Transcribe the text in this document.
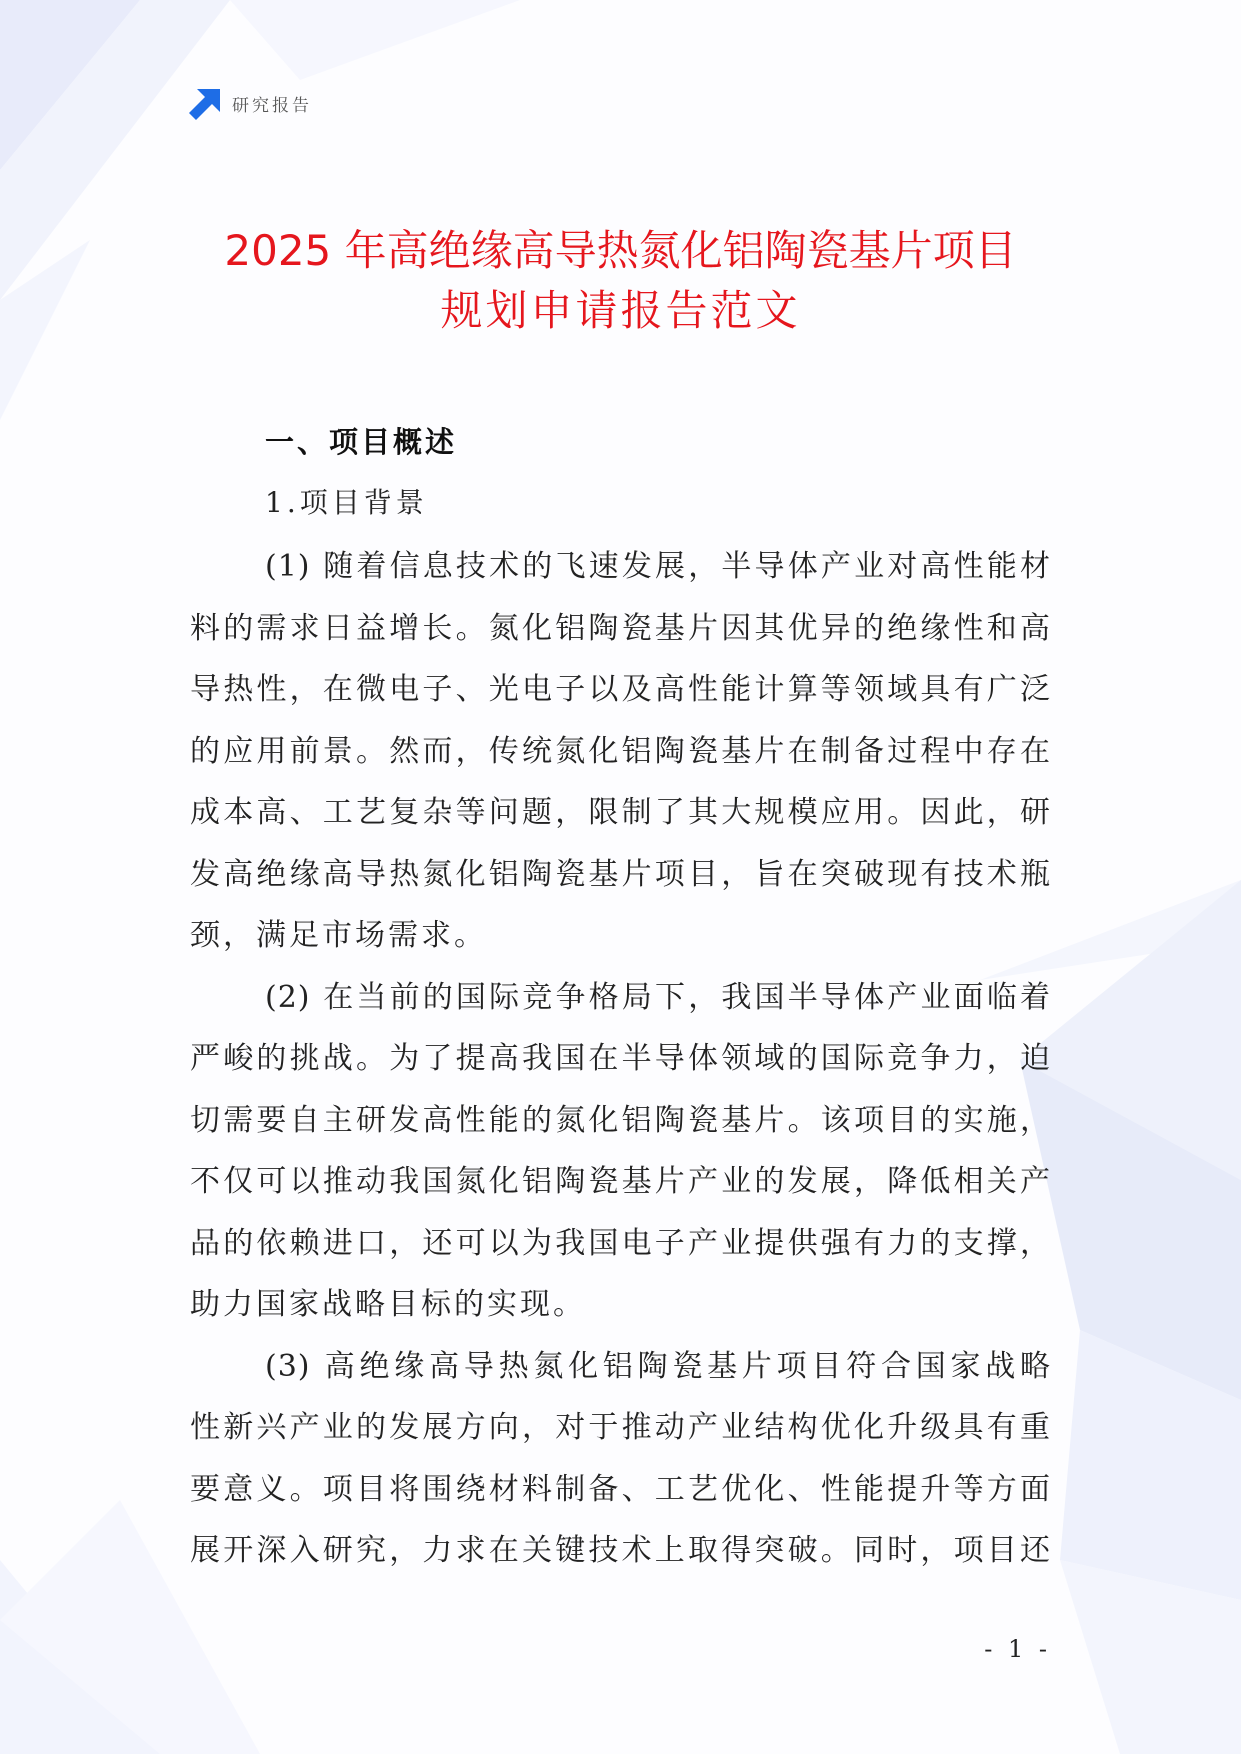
研究报告
2025 年高绝缘高导热氮化铝陶瓷基片项目
规划申请报告范文
一、项目概述
1.项目背景
(1) 随着信息技术的飞速发展，半导体产业对高性能材
料的需求日益增长。氮化铝陶瓷基片因其优异的绝缘性和高
导热性，在微电子、光电子以及高性能计算等领域具有广泛
的应用前景。然而，传统氮化铝陶瓷基片在制备过程中存在
成本高、工艺复杂等问题，限制了其大规模应用。因此，研
发高绝缘高导热氮化铝陶瓷基片项目，旨在突破现有技术瓶
颈，满足市场需求。
(2) 在当前的国际竞争格局下，我国半导体产业面临着
严峻的挑战。为了提高我国在半导体领域的国际竞争力，迫
切需要自主研发高性能的氮化铝陶瓷基片。该项目的实施，
不仅可以推动我国氮化铝陶瓷基片产业的发展，降低相关产
品的依赖进口，还可以为我国电子产业提供强有力的支撑，
助力国家战略目标的实现。
(3) 高绝缘高导热氮化铝陶瓷基片项目符合国家战略
性新兴产业的发展方向，对于推动产业结构优化升级具有重
要意义。项目将围绕材料制备、工艺优化、性能提升等方面
展开深入研究，力求在关键技术上取得突破。同时，项目还
- 1 -
